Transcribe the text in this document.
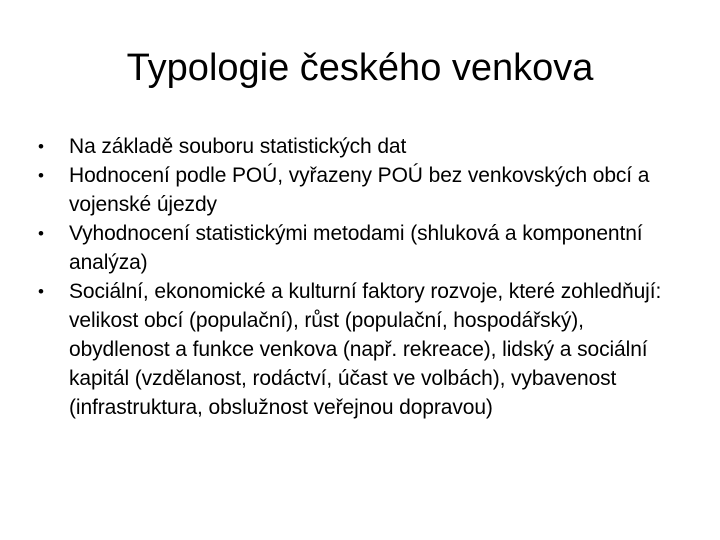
Typologie českého venkova
•	Na základě souboru statistických dat
•	Hodnocení podle POÚ, vyřazeny POÚ bez venkovských obcí a vojenské újezdy
•	Vyhodnocení statistickými metodami (shluková a komponentní analýza)
•	Sociální, ekonomické a kulturní faktory rozvoje, které zohledňují: velikost obcí (populační), růst (populační, hospodářský), obydlenost a funkce venkova (např. rekreace), lidský a sociální kapitál (vzdělanost, rodáctví, účast ve volbách), vybavenost (infrastruktura, obslužnost veřejnou dopravou)
